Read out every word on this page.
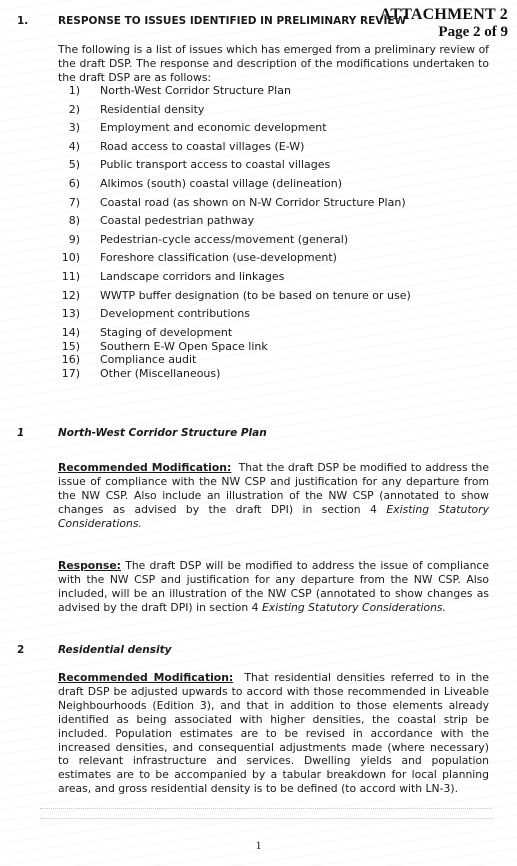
ATTACHMENT 2
Page 2 of 9
1.	RESPONSE TO ISSUES IDENTIFIED IN PRELIMINARY REVIEW

The following is a list of issues which has emerged from a preliminary review of the draft DSP. The response and description of the modifications undertaken to the draft DSP are as follows:

1) North-West Corridor Structure Plan
2) Residential density
3) Employment and economic development
4) Road access to coastal villages (E-W)
5) Public transport access to coastal villages
6) Alkimos (south) coastal village (delineation)
7) Coastal road (as shown on N-W Corridor Structure Plan)
8) Coastal pedestrian pathway
9) Pedestrian-cycle access/movement (general)
10) Foreshore classification (use-development)
11) Landscape corridors and linkages
12) WWTP buffer designation (to be based on tenure or use)
13) Development contributions
14) Staging of development
15) Southern E-W Open Space link
16) Compliance audit
17) Other (Miscellaneous)
1	North-West Corridor Structure Plan

Recommended Modification: That the draft DSP be modified to address the issue of compliance with the NW CSP and justification for any departure from the NW CSP. Also include an illustration of the NW CSP (annotated to show changes as advised by the draft DPI) in section 4 Existing Statutory Considerations.

Response: The draft DSP will be modified to address the issue of compliance with the NW CSP and justification for any departure from the NW CSP. Also included, will be an illustration of the NW CSP (annotated to show changes as advised by the draft DPI) in section 4 Existing Statutory Considerations.

2	Residential density

Recommended Modification: That residential densities referred to in the draft DSP be adjusted upwards to accord with those recommended in Liveable Neighbourhoods (Edition 3), and that in addition to those elements already identified as being associated with higher densities, the coastal strip be included. Population estimates are to be revised in accordance with the increased densities, and consequential adjustments made (where necessary) to relevant infrastructure and services. Dwelling yields and population estimates are to be accompanied by a tabular breakdown for local planning areas, and gross residential density is to be defined (to accord with LN-3).

1
